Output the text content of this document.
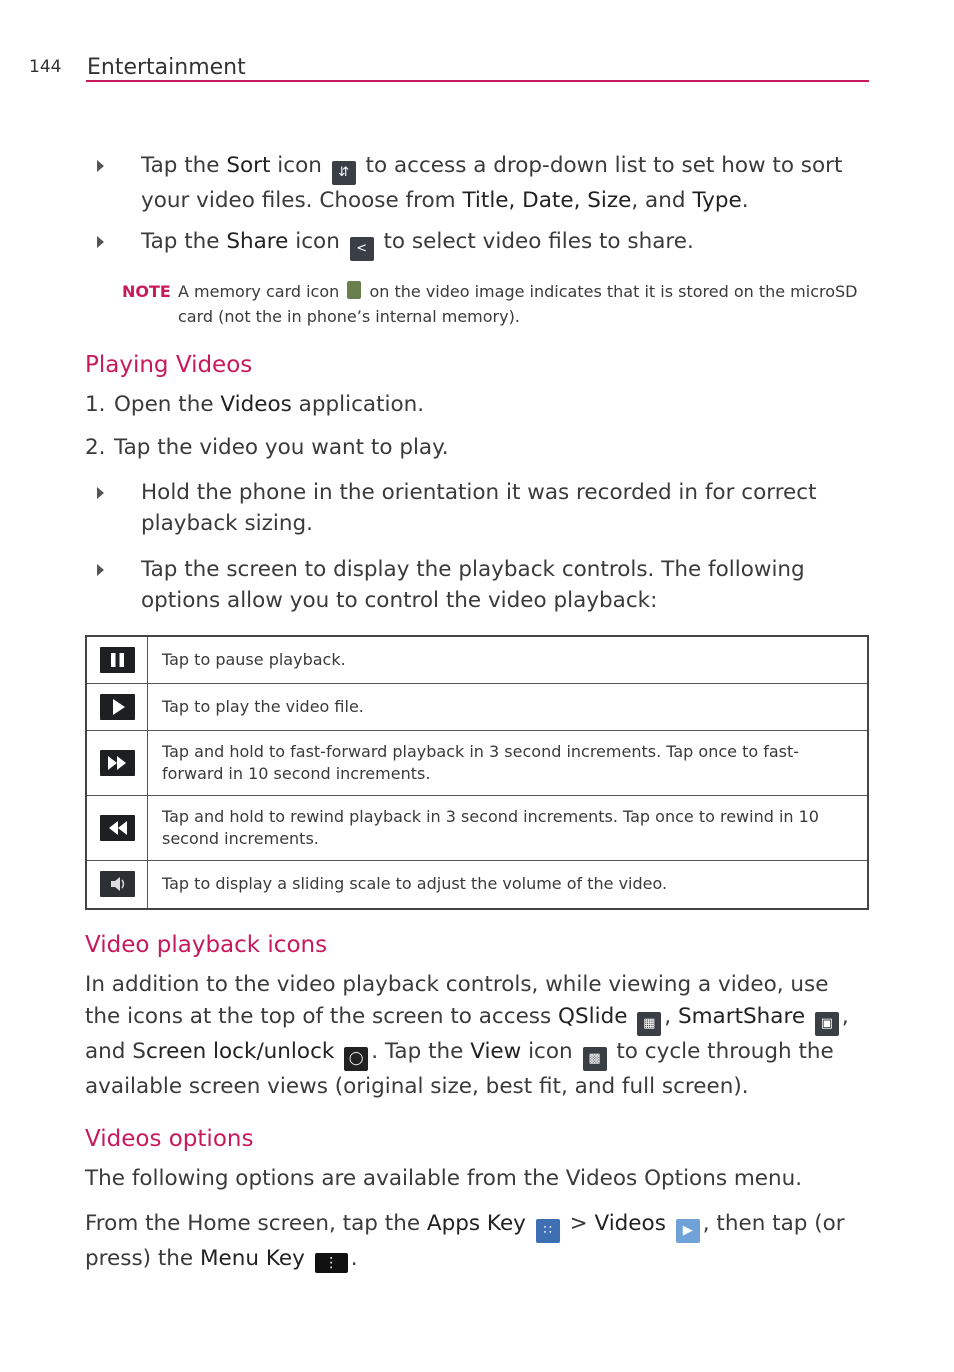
144 Entertainment
Tap the Sort icon ⇵ to access a drop-down list to set how to sort your video files. Choose from Title, Date, Size, and Type.
Tap the Share icon < to select video files to share.
NOTE A memory card icon  on the video image indicates that it is stored on the microSD card (not the in phone’s internal memory).
Playing Videos
1. Open the Videos application.
2. Tap the video you want to play.
Hold the phone in the orientation it was recorded in for correct playback sizing.
Tap the screen to display the playback controls. The following options allow you to control the video playback:
	Tap to pause playback.

	Tap to play the video file.

	Tap and hold to fast-forward playback in 3 second increments. Tap once to fast-forward in 10 second increments.

	Tap and hold to rewind playback in 3 second increments. Tap once to rewind in 10 second increments.

	Tap to display a sliding scale to adjust the volume of the video.
Video playback icons
In addition to the video playback controls, while viewing a video, use the icons at the top of the screen to access QSlide ▦ , SmartShare ▣ , and Screen lock/unlock ◯ . Tap the View icon ▩ to cycle through the available screen views (original size, best fit, and full screen).
Videos options
The following options are available from the Videos Options menu.
From the Home screen, tap the Apps Key ∷ > Videos ▶ , then tap (or press) the Menu Key ⋮ .
